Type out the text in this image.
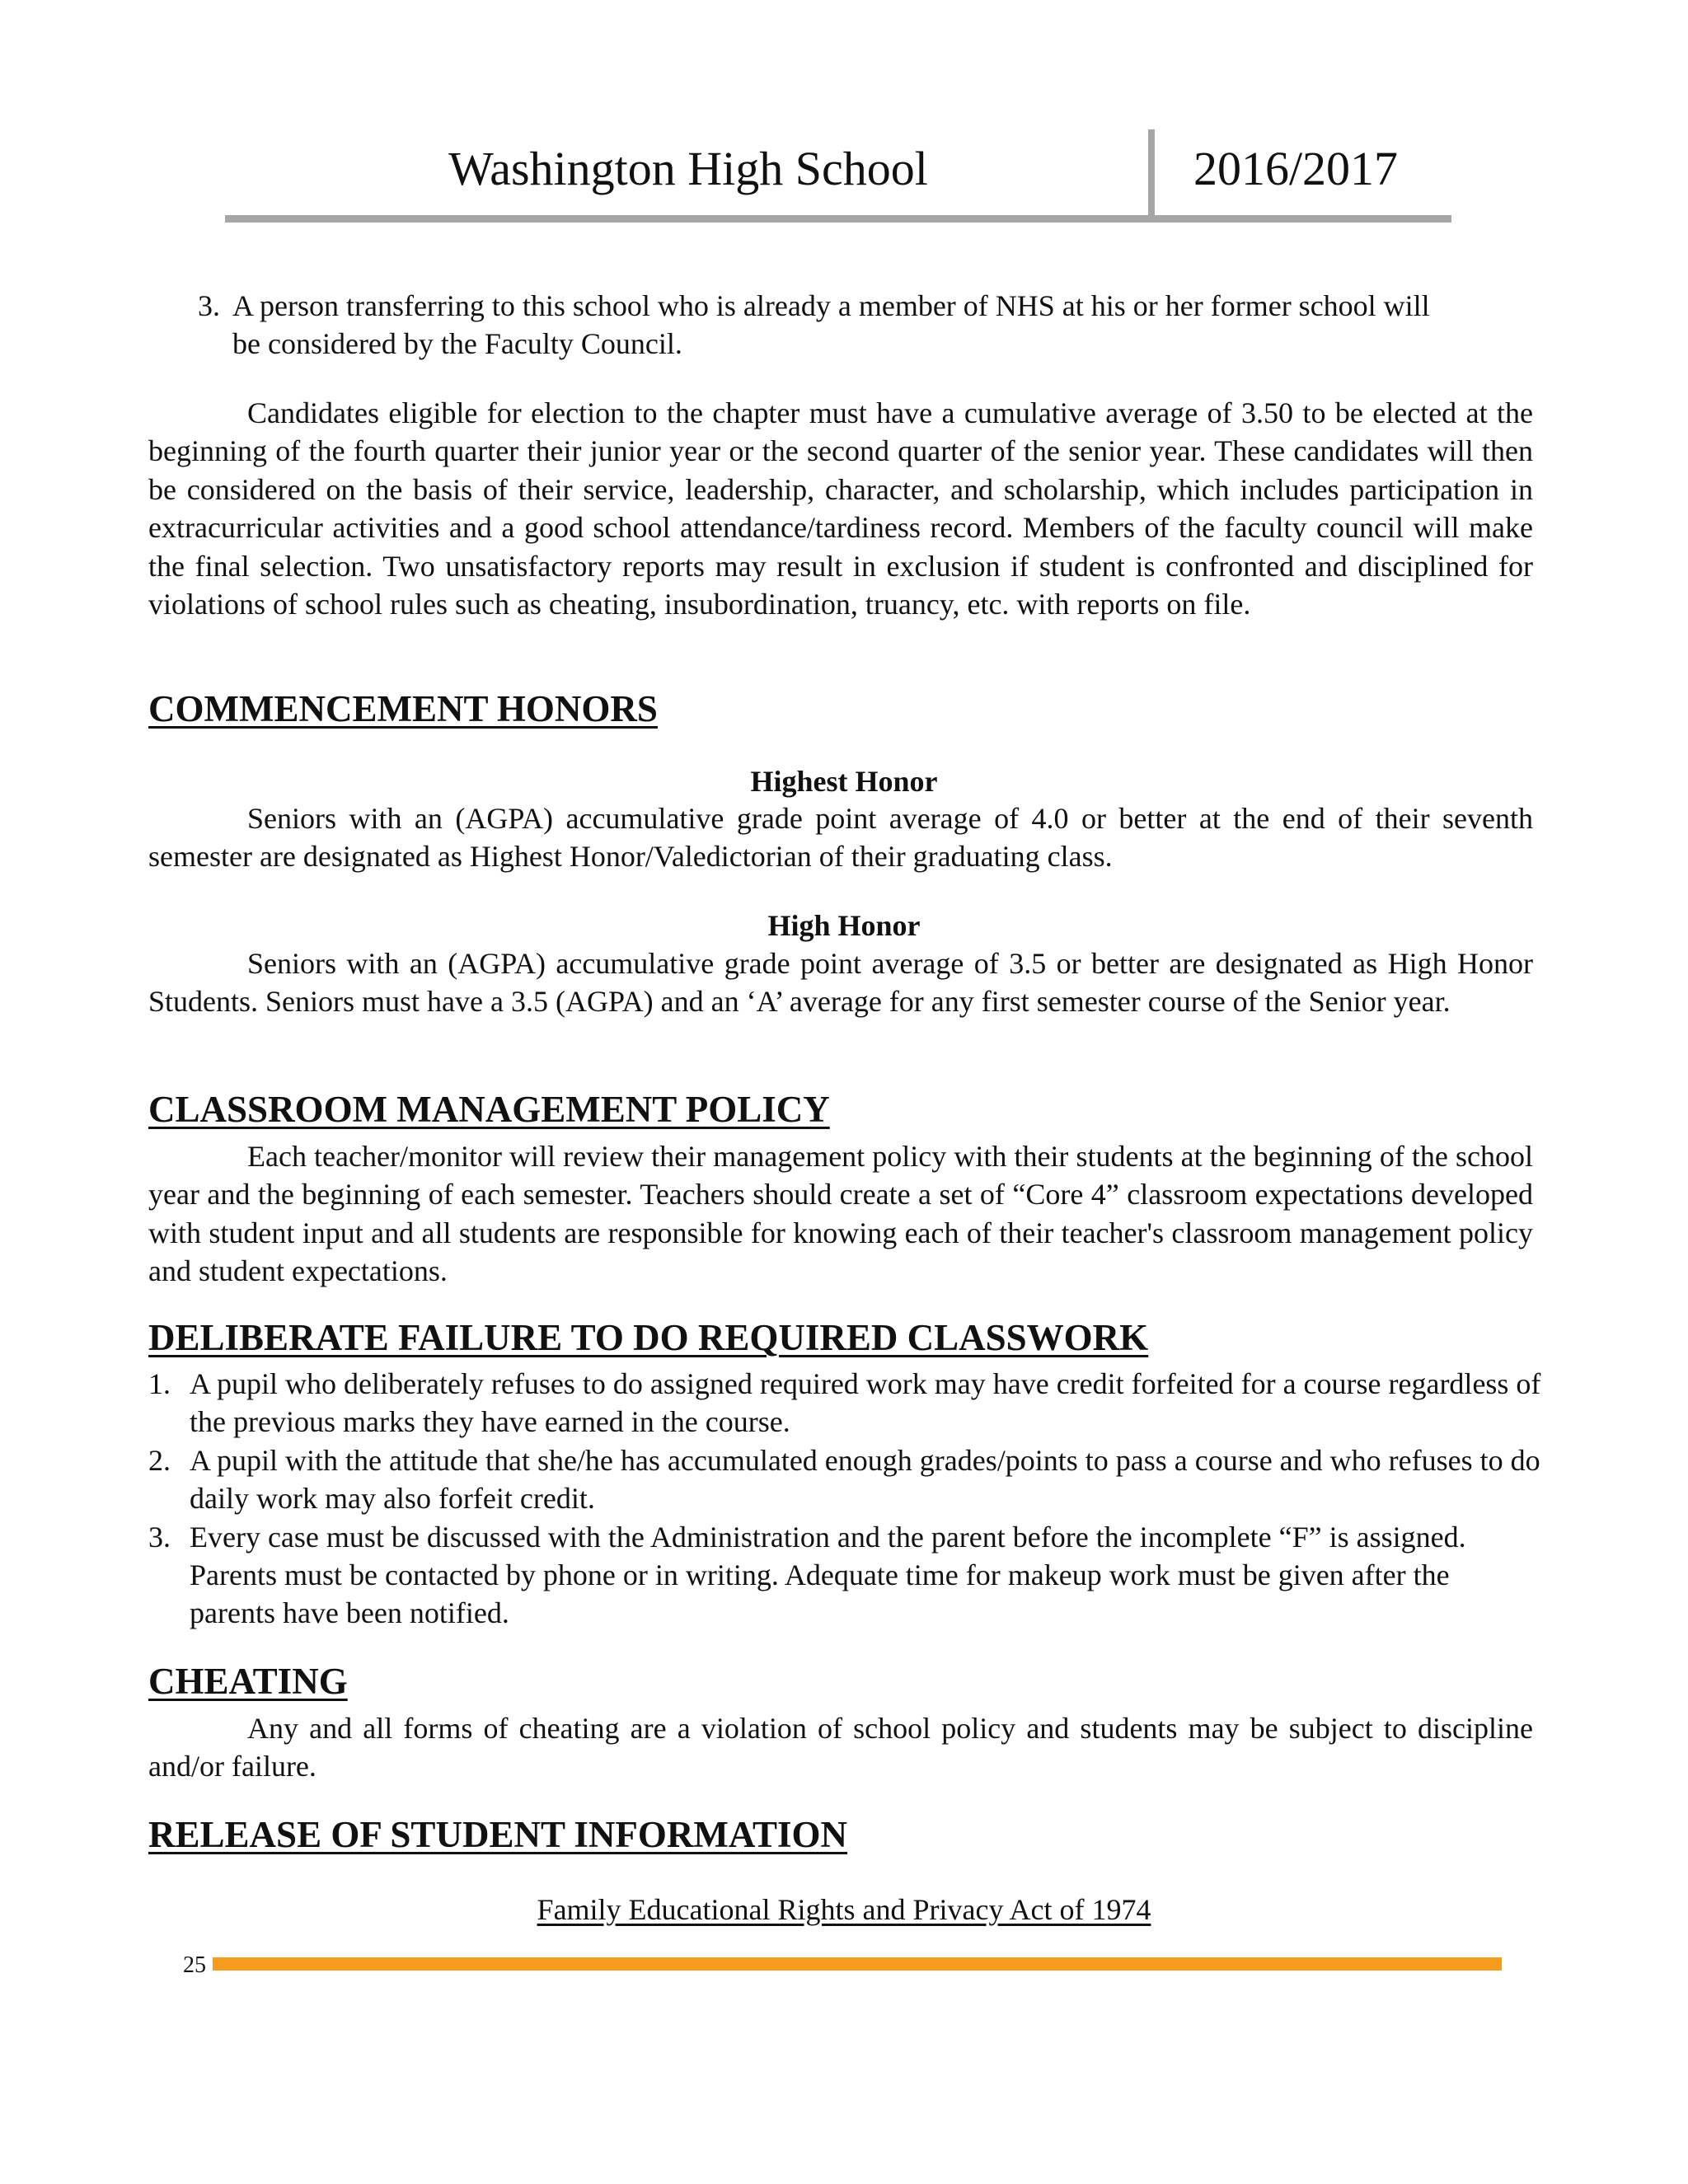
Washington High School	2016/2017
3. A person transferring to this school who is already a member of NHS at his or her former school will be considered by the Faculty Council.
Candidates eligible for election to the chapter must have a cumulative average of 3.50 to be elected at the beginning of the fourth quarter their junior year or the second quarter of the senior year. These candidates will then be considered on the basis of their service, leadership, character, and scholarship, which includes participation in extracurricular activities and a good school attendance/tardiness record. Members of the faculty council will make the final selection. Two unsatisfactory reports may result in exclusion if student is confronted and disciplined for violations of school rules such as cheating, insubordination, truancy, etc. with reports on file.
COMMENCEMENT HONORS
Highest Honor
Seniors with an (AGPA) accumulative grade point average of 4.0 or better at the end of their seventh semester are designated as Highest Honor/Valedictorian of their graduating class.
High Honor
Seniors with an (AGPA) accumulative grade point average of 3.5 or better are designated as High Honor Students. Seniors must have a 3.5 (AGPA) and an ‘A’ average for any first semester course of the Senior year.
CLASSROOM MANAGEMENT POLICY
Each teacher/monitor will review their management policy with their students at the beginning of the school year and the beginning of each semester. Teachers should create a set of “Core 4” classroom expectations developed with student input and all students are responsible for knowing each of their teacher's classroom management policy and student expectations.
DELIBERATE FAILURE TO DO REQUIRED CLASSWORK
1. A pupil who deliberately refuses to do assigned required work may have credit forfeited for a course regardless of the previous marks they have earned in the course.
2. A pupil with the attitude that she/he has accumulated enough grades/points to pass a course and who refuses to do daily work may also forfeit credit.
3. Every case must be discussed with the Administration and the parent before the incomplete “F” is assigned. Parents must be contacted by phone or in writing. Adequate time for makeup work must be given after the parents have been notified.
CHEATING
Any and all forms of cheating are a violation of school policy and students may be subject to discipline and/or failure.
RELEASE OF STUDENT INFORMATION
Family Educational Rights and Privacy Act of 1974
25
